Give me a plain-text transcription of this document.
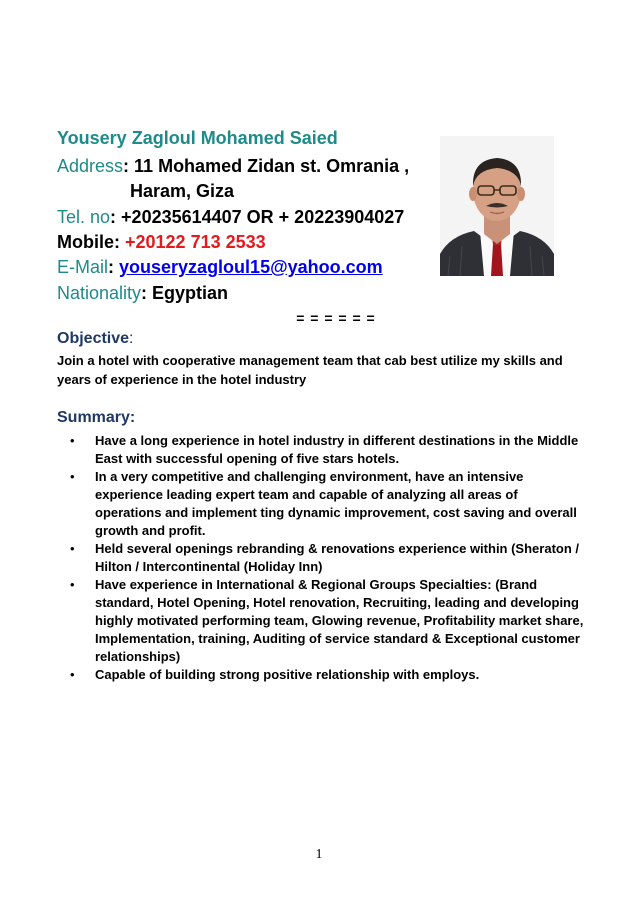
Yousery Zagloul Mohamed Saied
Address: 11 Mohamed Zidan st. Omrania ,
Haram, Giza
Tel. no: +20235614407 OR + 20223904027
Mobile: +20122 713 2533
E-Mail: youseryzagloul15@yahoo.com
Nationality: Egyptian
= = = = = =
Objective:
Join a hotel with cooperative management team that cab best utilize my skills and years of experience in the hotel industry
Summary:
• Have a long experience in hotel industry in different destinations in the Middle East with successful opening of five stars hotels.
• In a very competitive and challenging environment, have an intensive experience leading expert team and capable of analyzing all areas of operations and implement ting dynamic improvement, cost saving and overall growth and profit.
• Held several openings rebranding & renovations experience within (Sheraton / Hilton / Intercontinental (Holiday Inn)
• Have experience in International & Regional Groups Specialties: (Brand standard, Hotel Opening, Hotel renovation, Recruiting, leading and developing highly motivated performing team, Glowing revenue, Profitability market share, Implementation, training, Auditing of service standard & Exceptional customer relationships)
• Capable of building strong positive relationship with employs.
1
